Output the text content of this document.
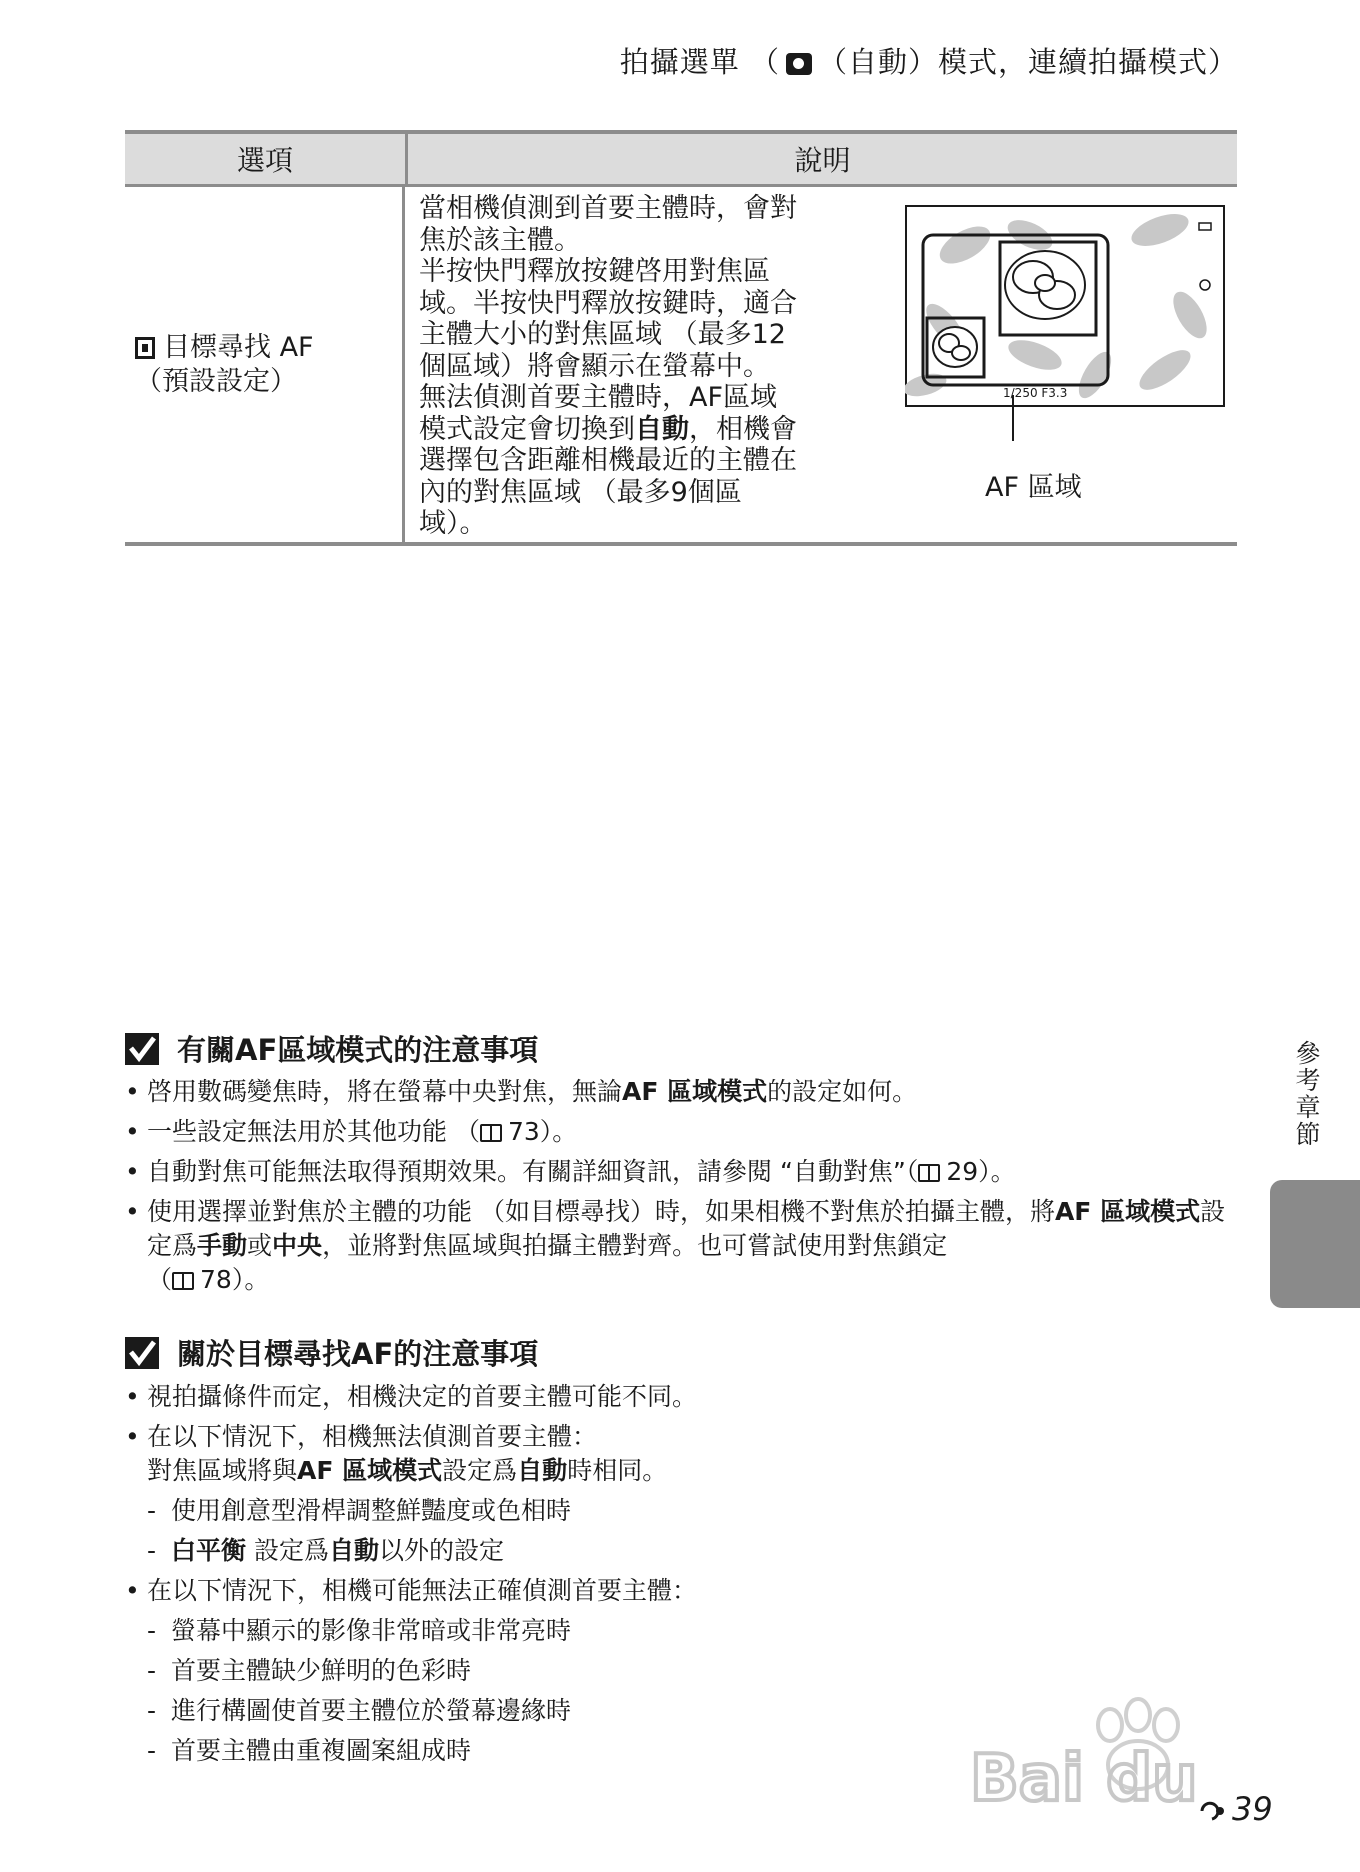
拍攝選單 （ （自動）模式，連續拍攝模式）
選項	說明
目標尋找 AF
（預設設定）

當相機偵測到首要主體時，會對焦於該主體。

半按快門釋放按鍵啓用對焦區域。半按快門釋放按鍵時，適合主體大小的對焦區域 （最多12個區域）將會顯示在螢幕中。

無法偵測首要主體時，AF區域模式設定會切換到自動，相機會選擇包含距離相機最近的主體在內的對焦區域 （最多9個區域）。

1/250 F3.3
AF 區域
有關AF區域模式的注意事項
• 啓用數碼變焦時，將在螢幕中央對焦，無論AF 區域模式的設定如何。
• 一些設定無法用於其他功能 （ 73）。
• 自動對焦可能無法取得預期效果。有關詳細資訊，請參閱 “自動對焦”（ 29）。
• 使用選擇並對焦於主體的功能 （如目標尋找）時，如果相機不對焦於拍攝主體，將AF 區域模式設定爲手動或中央，並將對焦區域與拍攝主體對齊。也可嘗試使用對焦鎖定
（ 78）。
關於目標尋找AF的注意事項
• 視拍攝條件而定，相機決定的首要主體可能不同。
• 在以下情況下，相機無法偵測首要主體：
對焦區域將與AF 區域模式設定爲自動時相同。
- 使用創意型滑桿調整鮮豔度或色相時
- 白平衡 設定爲自動以外的設定
• 在以下情況下，相機可能無法正確偵測首要主體：
- 螢幕中顯示的影像非常暗或非常亮時
- 首要主體缺少鮮明的色彩時
- 進行構圖使首要主體位於螢幕邊緣時
- 首要主體由重複圖案組成時
參考章節
Bai du	39
